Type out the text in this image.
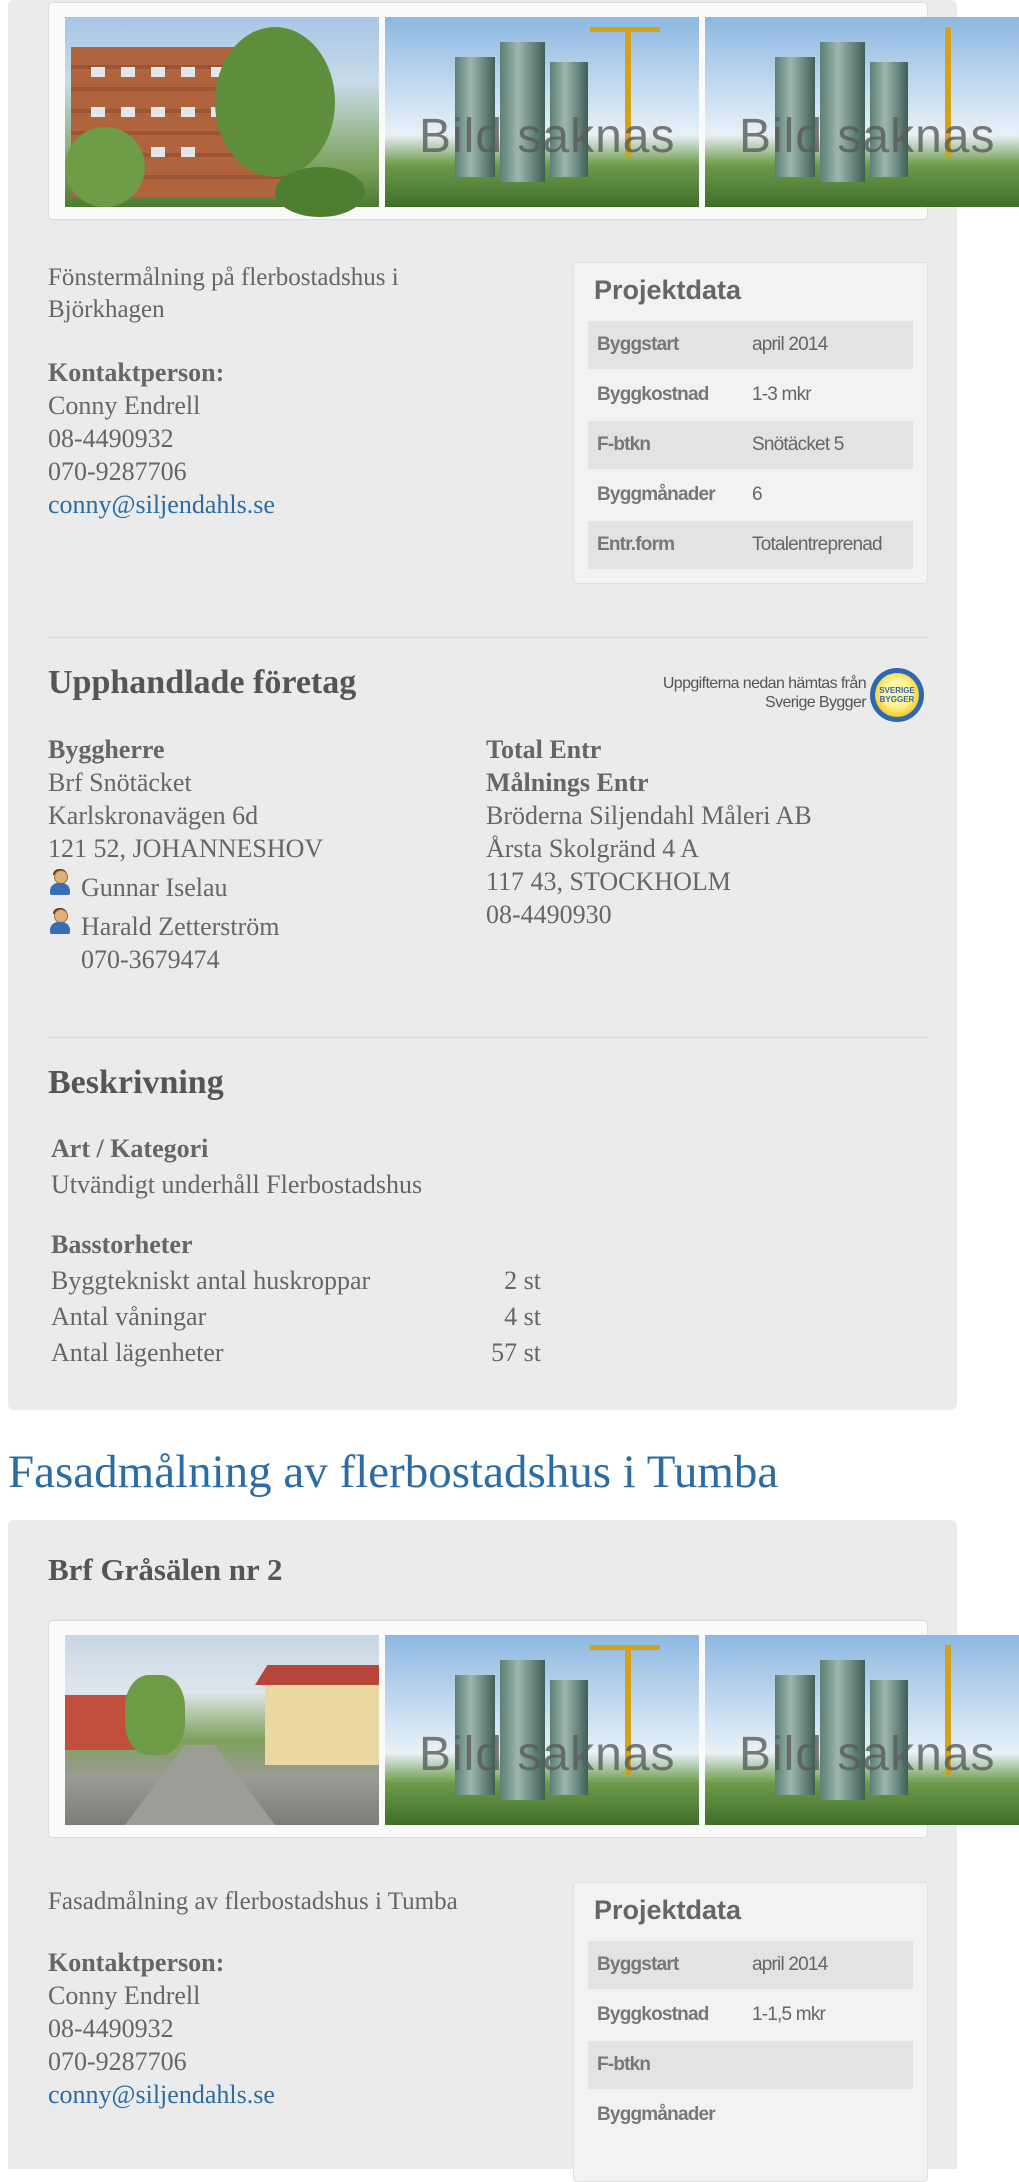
Bild saknas Bild saknas
Fönstermålning på flerbostadshus i Björkhagen
Kontaktperson:
Conny Endrell
08-4490932
070-9287706
conny@siljendahls.se
Projektdata
Byggstart	april 2014
Byggkostnad 1-3 mkr
F-btkn	Snötäcket 5
Byggmånader 6
Entr.form	Totalentreprenad
Upphandlade företag	Uppgifterna nedan hämtas från Sverige Bygger
SVERIGE BYGGER
Byggherre
Brf Snötäcket
Karlskronavägen 6d
121 52, JOHANNESHOV
Gunnar Iselau
Harald Zetterström
070-3679474
Total Entr
Målnings Entr
Bröderna Siljendahl Måleri AB
Årsta Skolgränd 4 A
117 43, STOCKHOLM
08-4490930
Beskrivning
Art / Kategori
Utvändigt underhåll Flerbostadshus
Basstorheter
Byggtekniskt antal huskroppar	2 st
Antal våningar	4 st
Antal lägenheter	57 st
Fasadmålning av flerbostadshus i Tumba
Brf Gråsälen nr 2
Bild saknas Bild saknas
Fasadmålning av flerbostadshus i Tumba
Kontaktperson:
Conny Endrell
08-4490932
070-9287706
conny@siljendahls.se
Projektdata
Byggstart	april 2014
Byggkostnad 1-1,5 mkr
F-btkn
Byggmånader
